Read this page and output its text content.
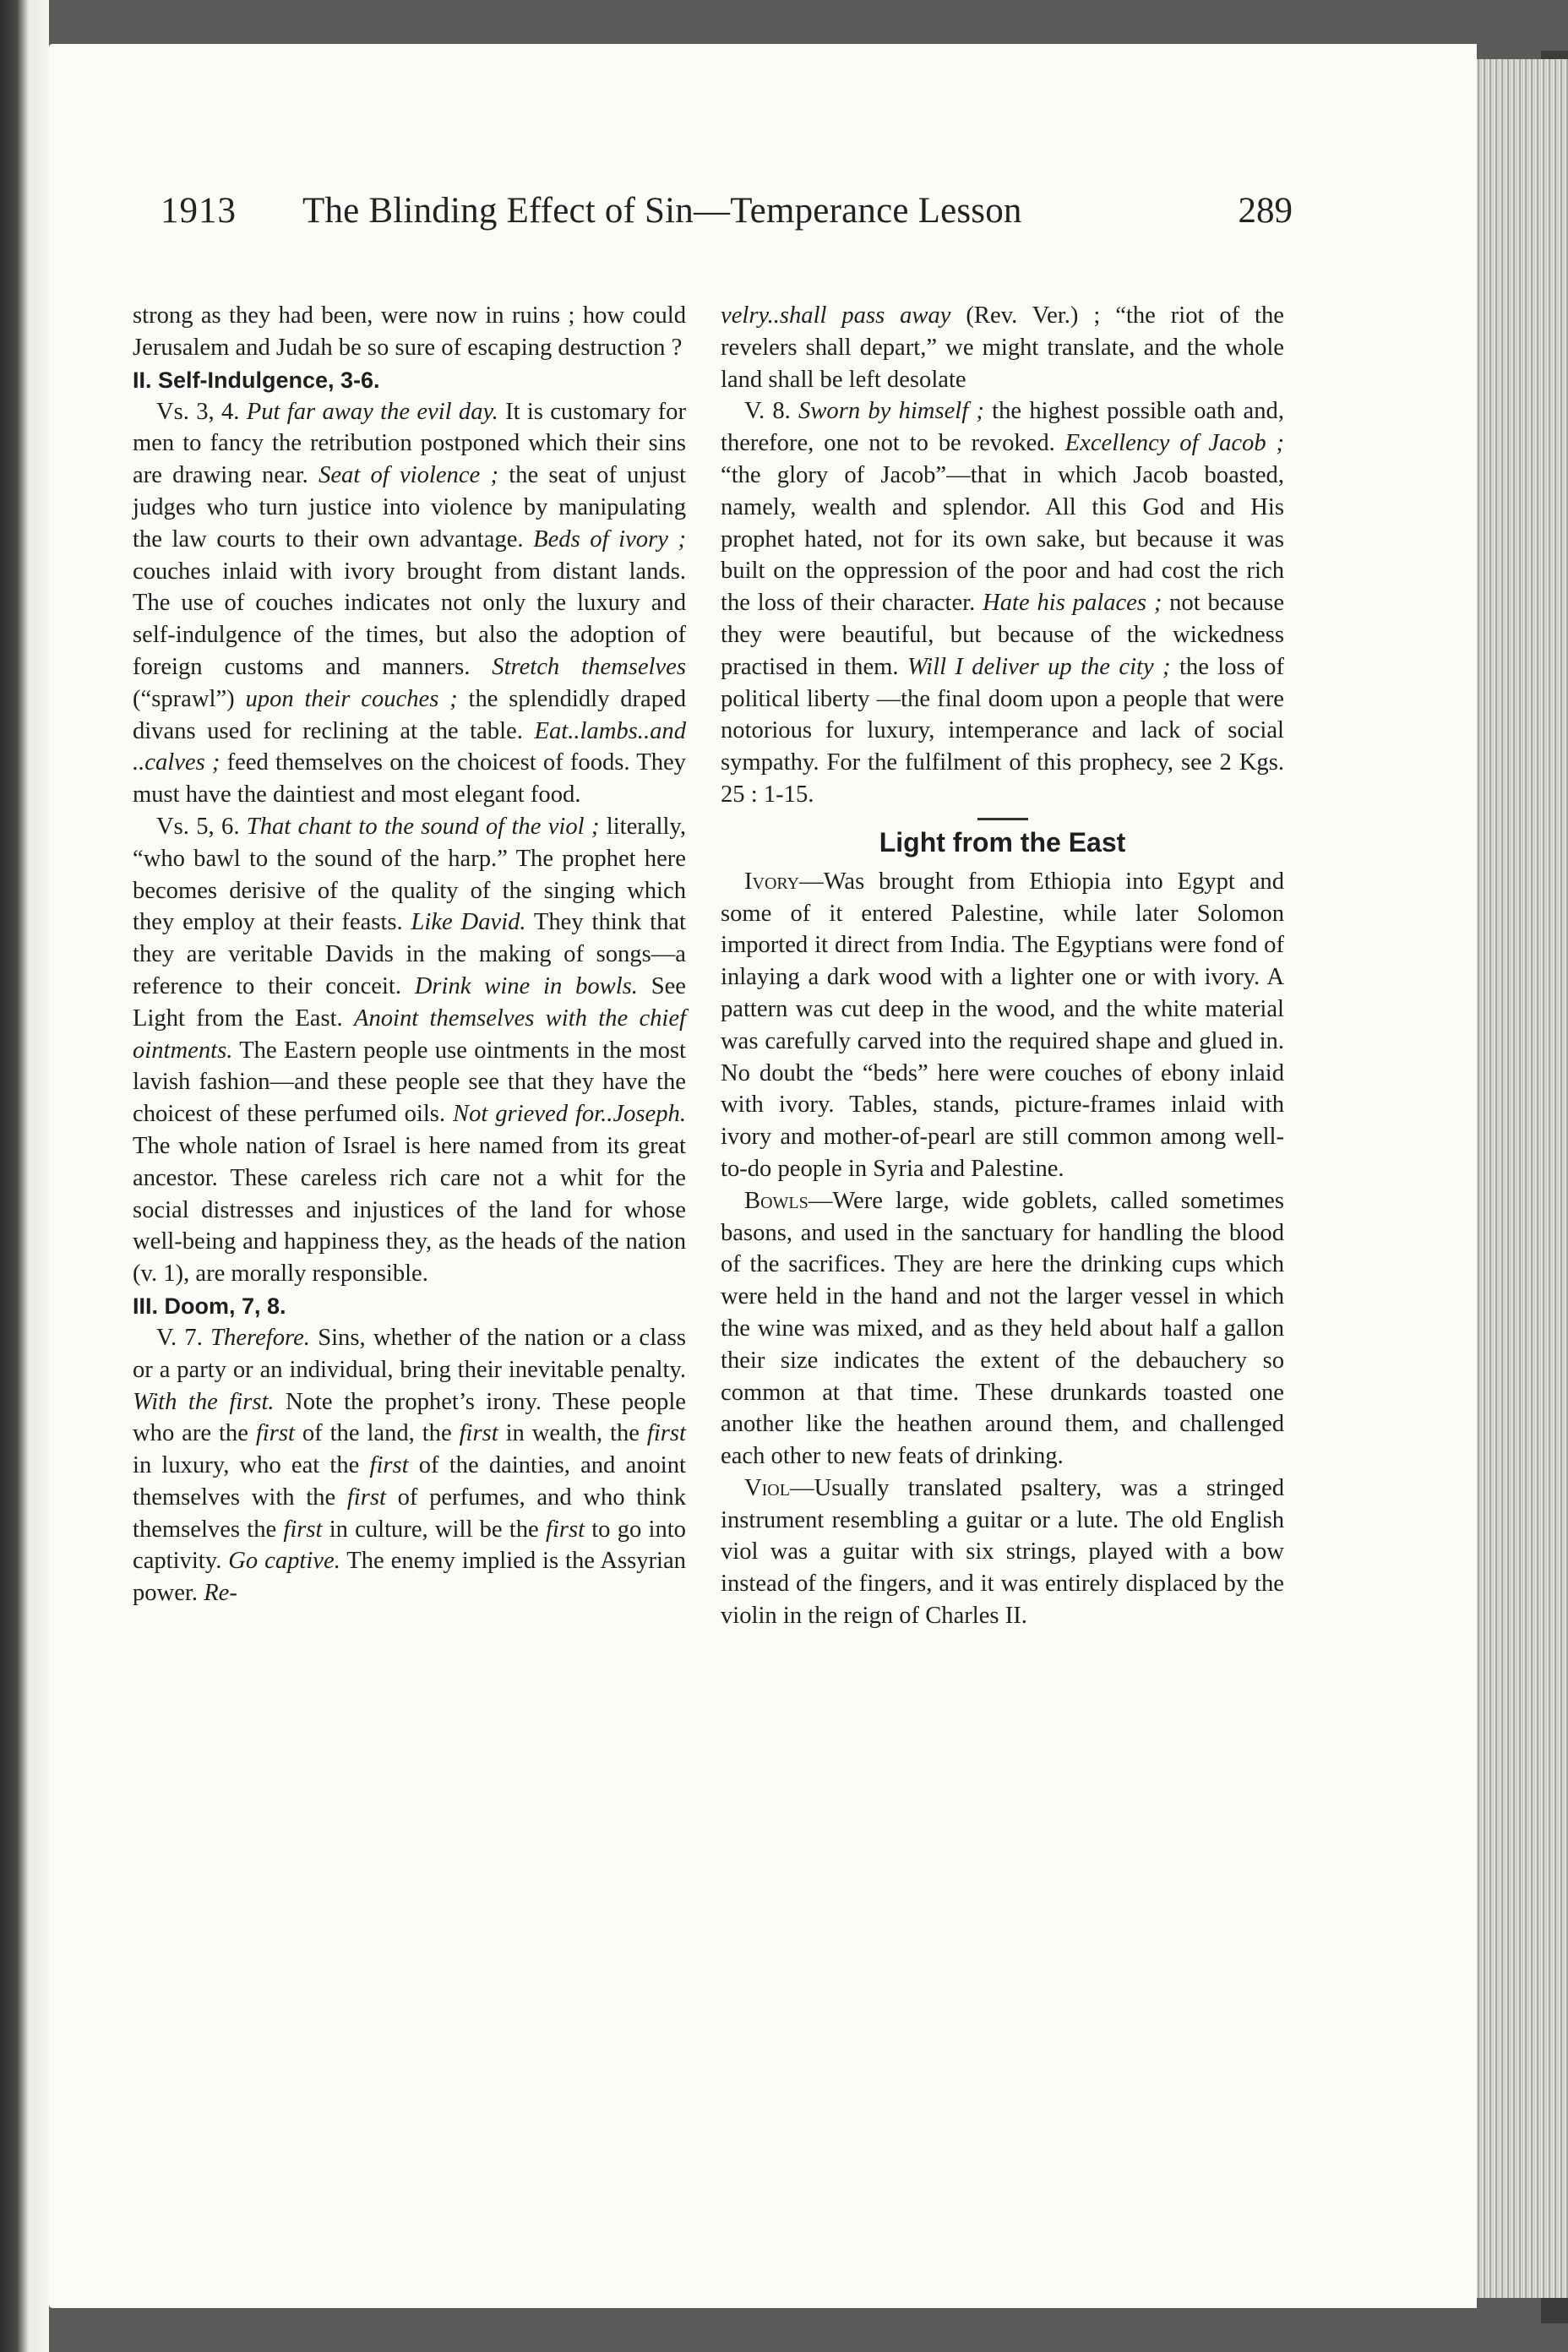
1913 The Blinding Effect of Sin—Temperance Lesson	289

strong as they had been, were now in ruins ; how could Jerusalem and Judah be so sure of escaping destruction ?

II. Self-Indulgence, 3-6.

Vs. 3, 4. Put far away the evil day. It is customary for men to fancy the retribution postponed which their sins are drawing near. Seat of violence ; the seat of unjust judges who turn justice into violence by manipulating the law courts to their own advantage. Beds of ivory ; couches inlaid with ivory brought from distant lands. The use of couches indicates not only the luxury and self-indulgence of the times, but also the adoption of foreign customs and manners. Stretch themselves (“sprawl”) upon their couches ; the splendidly draped divans used for reclining at the table. Eat..lambs..and ..calves ; feed themselves on the choicest of foods. They must have the daintiest and most elegant food.

Vs. 5, 6. That chant to the sound of the viol ; literally, “who bawl to the sound of the harp.” The prophet here becomes derisive of the quality of the singing which they employ at their feasts. Like David. They think that they are veritable Davids in the making of songs—a reference to their conceit. Drink wine in bowls. See Light from the East. Anoint themselves with the chief ointments. The Eastern people use ointments in the most lavish fashion—and these people see that they have the choicest of these perfumed oils. Not grieved for..Joseph. The whole nation of Israel is here named from its great ancestor. These careless rich care not a whit for the social distresses and injustices of the land for whose well-being and happiness they, as the heads of the nation (v. 1), are morally responsible.

III. Doom, 7, 8.

V. 7. Therefore. Sins, whether of the nation or a class or a party or an individual, bring their inevitable penalty. With the first. Note the prophet’s irony. These people who are the first of the land, the first in wealth, the first in luxury, who eat the first of the dainties, and anoint themselves with the first of perfumes, and who think themselves the first in culture, will be the first to go into captivity. Go captive. The enemy implied is the Assyrian power. Re-

velry..shall pass away (Rev. Ver.) ; “the riot of the revelers shall depart,” we might translate, and the whole land shall be left desolate

V. 8. Sworn by himself ; the highest possible oath and, therefore, one not to be revoked. Excellency of Jacob ; “the glory of Jacob”—that in which Jacob boasted, namely, wealth and splendor. All this God and His prophet hated, not for its own sake, but because it was built on the oppression of the poor and had cost the rich the loss of their character. Hate his palaces ; not because they were beautiful, but because of the wickedness practised in them. Will I deliver up the city ; the loss of political liberty —the final doom upon a people that were notorious for luxury, intemperance and lack of social sympathy. For the fulfilment of this prophecy, see 2 Kgs. 25 : 1-15.

Light from the East

Ivory—Was brought from Ethiopia into Egypt and some of it entered Palestine, while later Solomon imported it direct from India. The Egyptians were fond of inlaying a dark wood with a lighter one or with ivory. A pattern was cut deep in the wood, and the white material was carefully carved into the required shape and glued in. No doubt the “beds” here were couches of ebony inlaid with ivory. Tables, stands, picture-frames inlaid with ivory and mother-of-pearl are still common among well-to-do people in Syria and Palestine.

Bowls—Were large, wide goblets, called sometimes basons, and used in the sanctuary for handling the blood of the sacrifices. They are here the drinking cups which were held in the hand and not the larger vessel in which the wine was mixed, and as they held about half a gallon their size indicates the extent of the debauchery so common at that time. These drunkards toasted one another like the heathen around them, and challenged each other to new feats of drinking.

Viol—Usually translated psaltery, was a stringed instrument resembling a guitar or a lute. The old English viol was a guitar with six strings, played with a bow instead of the fingers, and it was entirely displaced by the violin in the reign of Charles II.
